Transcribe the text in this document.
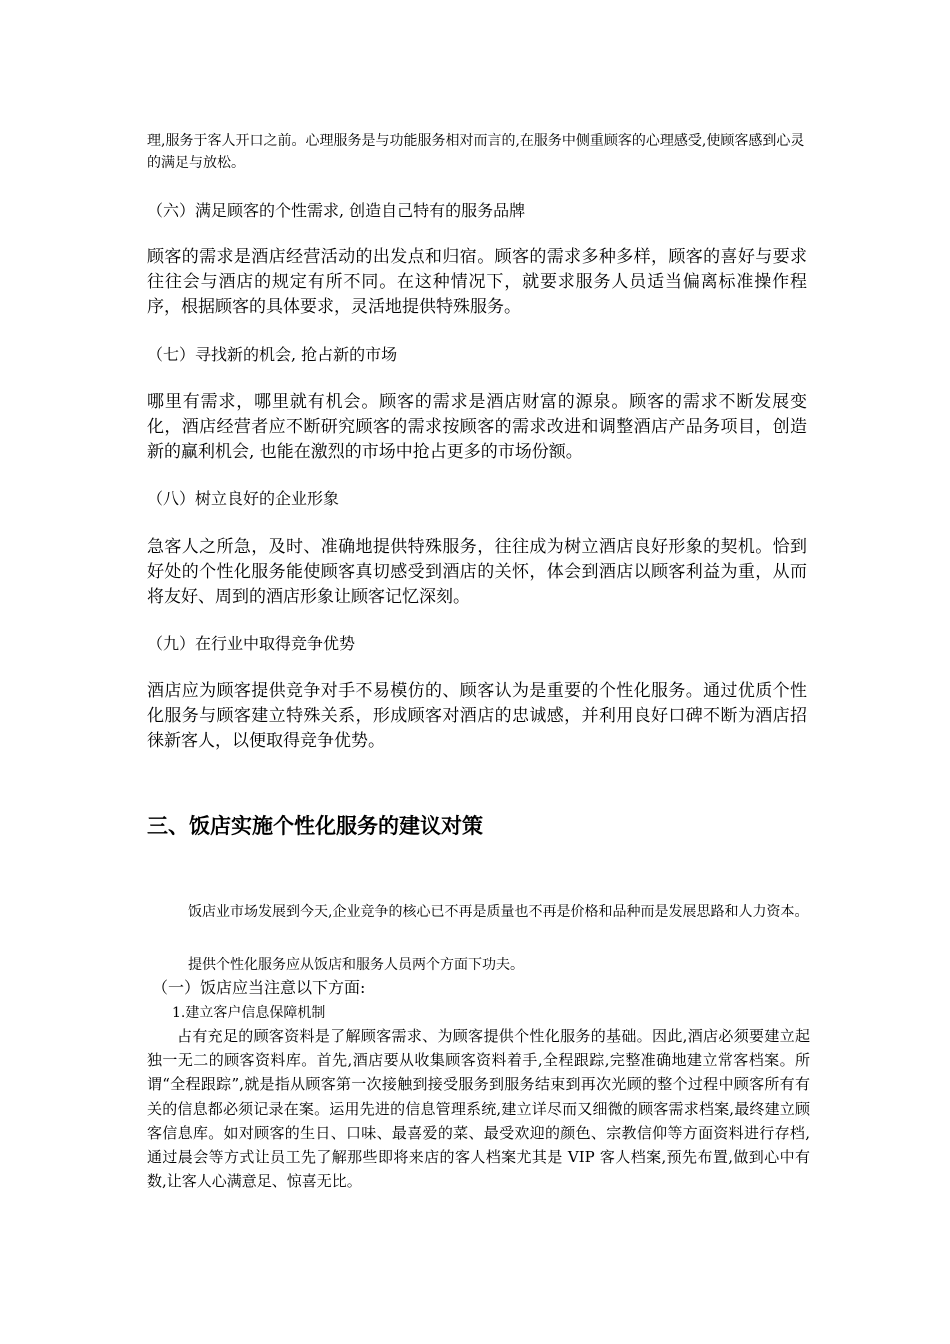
理,服务于客人开口之前。心理服务是与功能服务相对而言的,在服务中侧重顾客的心理感受,使顾客感到心灵的满足与放松。

（六）满足顾客的个性需求, 创造自己特有的服务品牌

顾客的需求是酒店经营活动的出发点和归宿。顾客的需求多种多样，顾客的喜好与要求往往会与酒店的规定有所不同。在这种情况下，就要求服务人员适当偏离标准操作程序，根据顾客的具体要求，灵活地提供特殊服务。

（七）寻找新的机会, 抢占新的市场

哪里有需求，哪里就有机会。顾客的需求是酒店财富的源泉。顾客的需求不断发展变化，酒店经营者应不断研究顾客的需求按顾客的需求改进和调整酒店产品务项目，创造新的赢利机会, 也能在激烈的市场中抢占更多的市场份额。

（八）树立良好的企业形象

急客人之所急，及时、准确地提供特殊服务，往往成为树立酒店良好形象的契机。恰到好处的个性化服务能使顾客真切感受到酒店的关怀，体会到酒店以顾客利益为重，从而将友好、周到的酒店形象让顾客记忆深刻。

（九）在行业中取得竞争优势

酒店应为顾客提供竞争对手不易模仿的、顾客认为是重要的个性化服务。通过优质个性化服务与顾客建立特殊关系，形成顾客对酒店的忠诚感，并利用良好口碑不断为酒店招徕新客人，以便取得竞争优势。

三、饭店实施个性化服务的建议对策

饭店业市场发展到今天,企业竞争的核心已不再是质量也不再是价格和品种而是发展思路和人力资本。

提供个性化服务应从饭店和服务人员两个方面下功夫。

（一）饭店应当注意以下方面:

1.建立客户信息保障机制

占有充足的顾客资料是了解顾客需求、为顾客提供个性化服务的基础。因此,酒店必须要建立起独一无二的顾客资料库。首先,酒店要从收集顾客资料着手,全程跟踪,完整准确地建立常客档案。所谓“全程跟踪”,就是指从顾客第一次接触到接受服务到服务结束到再次光顾的整个过程中顾客所有有关的信息都必须记录在案。运用先进的信息管理系统,建立详尽而又细微的顾客需求档案,最终建立顾客信息库。如对顾客的生日、口味、最喜爱的菜、最受欢迎的颜色、宗教信仰等方面资料进行存档,通过晨会等方式让员工先了解那些即将来店的客人档案尤其是 VIP 客人档案,预先布置,做到心中有数,让客人心满意足、惊喜无比。
